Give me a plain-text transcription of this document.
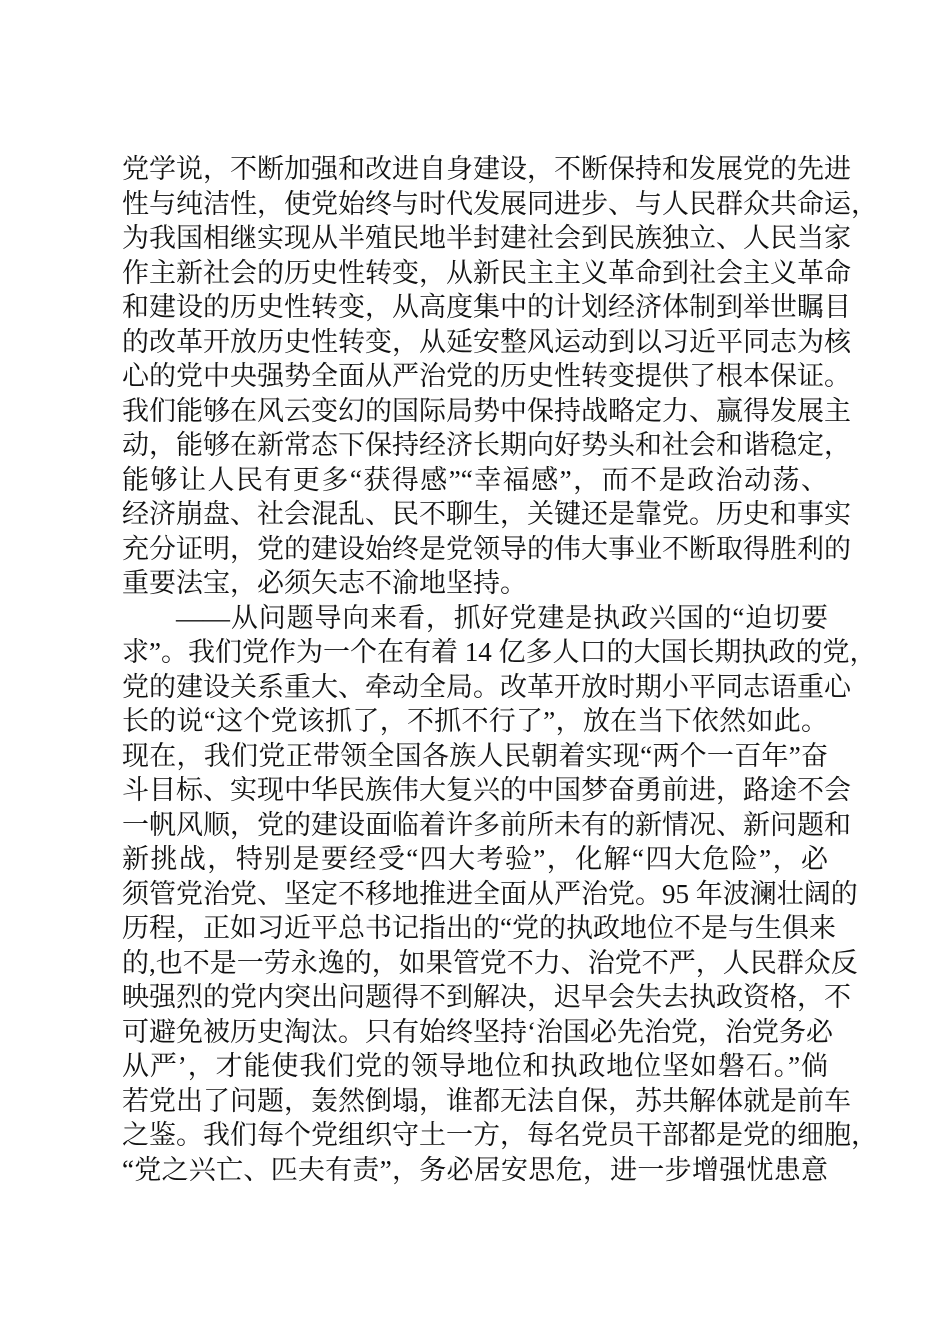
党学说，不断加强和改进自身建设，不断保持和发展党的先进
性与纯洁性，使党始终与时代发展同进步、与人民群众共命运，
为我国相继实现从半殖民地半封建社会到民族独立、人民当家
作主新社会的历史性转变，从新民主主义革命到社会主义革命
和建设的历史性转变，从高度集中的计划经济体制到举世瞩目
的改革开放历史性转变，从延安整风运动到以习近平同志为核
心的党中央强势全面从严治党的历史性转变提供了根本保证。
我们能够在风云变幻的国际局势中保持战略定力、赢得发展主
动，能够在新常态下保持经济长期向好势头和社会和谐稳定，
能够让人民有更多“获得感”“幸福感”，而不是政治动荡、
经济崩盘、社会混乱、民不聊生，关键还是靠党。历史和事实
充分证明，党的建设始终是党领导的伟大事业不断取得胜利的
重要法宝，必须矢志不渝地坚持。
——从问题导向来看，抓好党建是执政兴国的“迫切要
求”。我们党作为一个在有着 14 亿多人口的大国长期执政的党，
党的建设关系重大、牵动全局。改革开放时期小平同志语重心
长的说“这个党该抓了，不抓不行了”，放在当下依然如此。
现在，我们党正带领全国各族人民朝着实现“两个一百年”奋
斗目标、实现中华民族伟大复兴的中国梦奋勇前进，路途不会
一帆风顺，党的建设面临着许多前所未有的新情况、新问题和
新挑战，特别是要经受“四大考验”，化解“四大危险”，必
须管党治党、坚定不移地推进全面从严治党。95 年波澜壮阔的
历程，正如习近平总书记指出的“党的执政地位不是与生俱来
的,也不是一劳永逸的，如果管党不力、治党不严，人民群众反
映强烈的党内突出问题得不到解决，迟早会失去执政资格，不
可避免被历史淘汰。只有始终坚持‘治国必先治党，治党务必
从严’，才能使我们党的领导地位和执政地位坚如磐石。”倘
若党出了问题，轰然倒塌，谁都无法自保，苏共解体就是前车
之鉴。我们每个党组织守土一方，每名党员干部都是党的细胞，
“党之兴亡、匹夫有责”，务必居安思危，进一步增强忧患意
